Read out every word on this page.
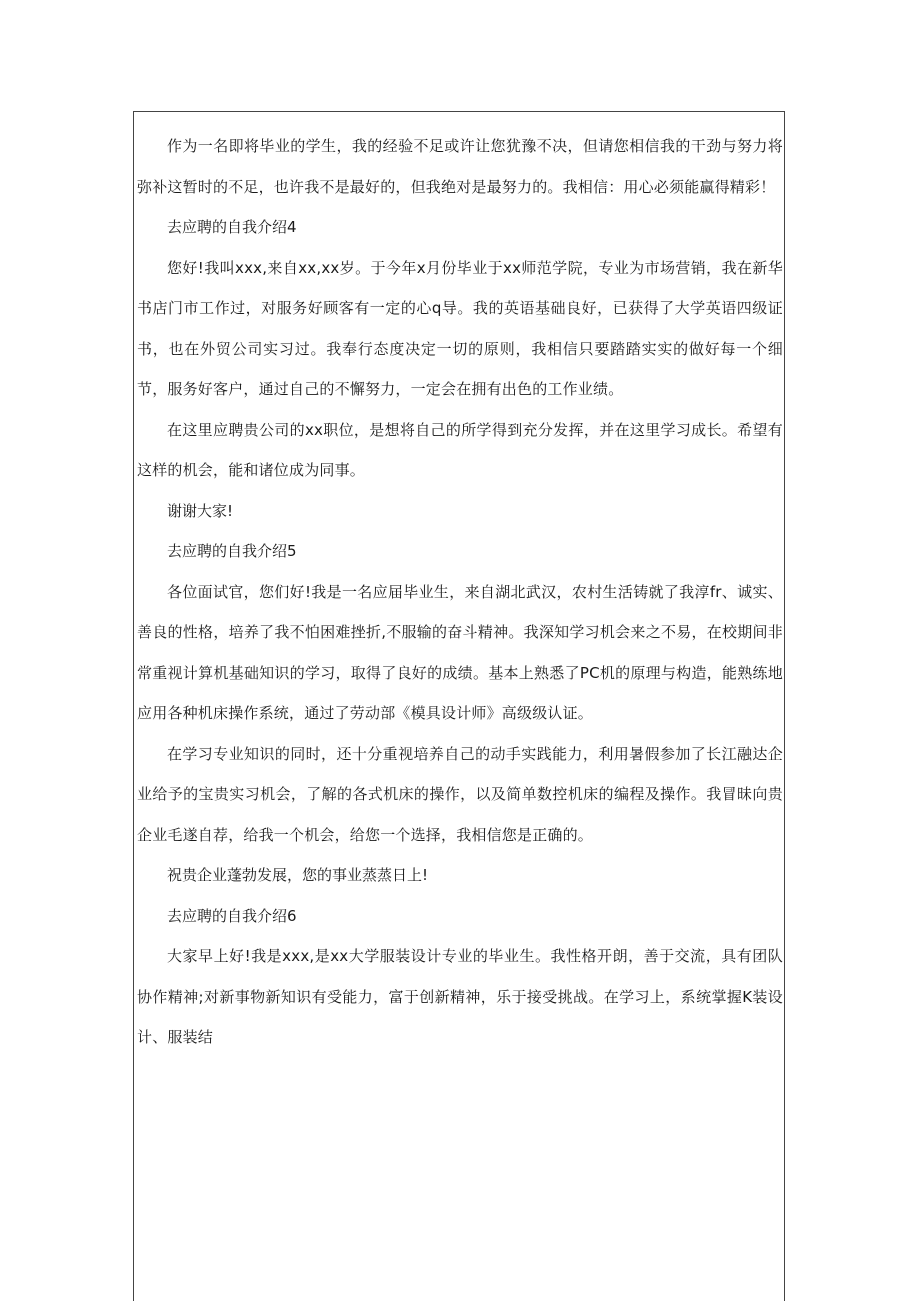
作为一名即将毕业的学生，我的经验不足或许让您犹豫不决，但请您相信我的干劲与努力将弥补这暂时的不足，也许我不是最好的，但我绝对是最努力的。我相信：用心必须能赢得精彩！

去应聘的自我介绍4

您好!我叫xxx,来自xx,xx岁。于今年x月份毕业于xx师范学院，专业为市场营销，我在新华书店门市工作过，对服务好顾客有一定的心q导。我的英语基础良好，已获得了大学英语四级证书，也在外贸公司实习过。我奉行态度决定一切的原则，我相信只要踏踏实实的做好每一个细节，服务好客户，通过自己的不懈努力，一定会在拥有出色的工作业绩。

在这里应聘贵公司的xx职位，是想将自己的所学得到充分发挥，并在这里学习成长。希望有这样的机会，能和诸位成为同事。

谢谢大家!

去应聘的自我介绍5

各位面试官，您们好!我是一名应届毕业生，来自湖北武汉，农村生活铸就了我淳fr、诚实、善良的性格，培养了我不怕困难挫折,不服输的奋斗精神。我深知学习机会来之不易，在校期间非常重视计算机基础知识的学习，取得了良好的成绩。基本上熟悉了PC机的原理与构造，能熟练地应用各种机床操作系统，通过了劳动部《模具设计师》高级级认证。

在学习专业知识的同时，还十分重视培养自己的动手实践能力，利用暑假参加了长江融达企业给予的宝贵实习机会，了解的各式机床的操作，以及简单数控机床的编程及操作。我冒昧向贵企业毛遂自荐，给我一个机会，给您一个选择，我相信您是正确的。

祝贵企业蓬勃发展，您的事业蒸蒸日上!

去应聘的自我介绍6

大家早上好!我是xxx,是xx大学服装设计专业的毕业生。我性格开朗，善于交流，具有团队协作精神;对新事物新知识有受能力，富于创新精神，乐于接受挑战。在学习上，系统掌握K装设计、服装结
